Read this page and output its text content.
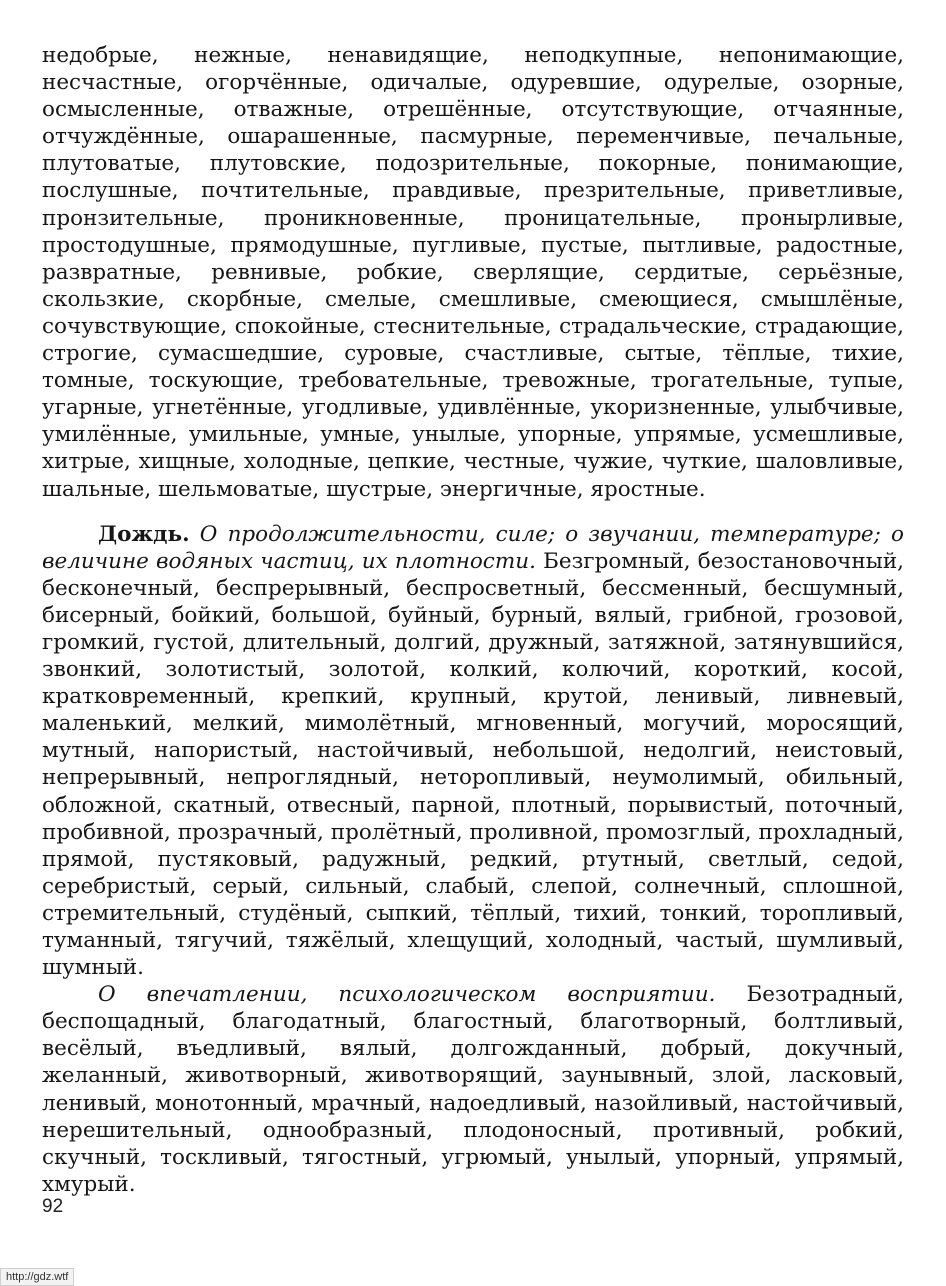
недобрые, нежные, ненавидящие, неподкупные, непонимающие, несчастные, огорчённые, одичалые, одуревшие, одурелые, озорные, осмысленные, отважные, отрешённые, отсутствующие, отчаянные, отчуждённые, ошарашенные, пасмурные, переменчивые, печальные, плутоватые, плутовские, подозрительные, покорные, понимающие, послушные, почтительные, правдивые, презрительные, приветливые, пронзительные, проникновенные, проницательные, пронырливые, простодушные, прямодушные, пугливые, пустые, пытливые, радостные, развратные, ревнивые, робкие, сверлящие, сердитые, серьёзные, скользкие, скорбные, смелые, смешливые, смеющиеся, смышлёные, сочувствующие, спокойные, стеснительные, страдальческие, страдающие, строгие, сумасшедшие, суровые, счастливые, сытые, тёплые, тихие, томные, тоскующие, требовательные, тревожные, трогательные, тупые, угарные, угнетённые, угодливые, удивлённые, укоризненные, улыбчивые, умилённые, умильные, умные, унылые, упорные, упрямые, усмешливые, хитрые, хищные, холодные, цепкие, честные, чужие, чуткие, шаловливые, шальные, шельмоватые, шустрые, энергичные, яростные.

Дождь. О продолжительности, силе; о звучании, температуре; о величине водяных частиц, их плотности. Безгромный, безостановочный, бесконечный, беспрерывный, беспросветный, бессменный, бесшумный, бисерный, бойкий, большой, буйный, бурный, вялый, грибной, грозовой, громкий, густой, длительный, долгий, дружный, затяжной, затянувшийся, звонкий, золотистый, золотой, колкий, колючий, короткий, косой, кратковременный, крепкий, крупный, крутой, ленивый, ливневый, маленький, мелкий, мимолётный, мгновенный, могучий, моросящий, мутный, напористый, настойчивый, небольшой, недолгий, неистовый, непрерывный, непроглядный, неторопливый, неумолимый, обильный, обложной, скатный, отвесный, парной, плотный, порывистый, поточный, пробивной, прозрачный, пролётный, проливной, промозглый, прохладный, прямой, пустяковый, радужный, редкий, ртутный, светлый, седой, серебристый, серый, сильный, слабый, слепой, солнечный, сплошной, стремительный, студёный, сыпкий, тёплый, тихий, тонкий, торопливый, туманный, тягучий, тяжёлый, хлещущий, холодный, частый, шумливый, шумный.

О впечатлении, психологическом восприятии. Безотрадный, беспощадный, благодатный, благостный, благотворный, болтливый, весёлый, въедливый, вялый, долгожданный, добрый, докучный, желанный, животворный, животворящий, заунывный, злой, ласковый, ленивый, монотонный, мрачный, надоедливый, назойливый, настойчивый, нерешительный, однообразный, плодоносный, противный, робкий, скучный, тоскливый, тягостный, угрюмый, унылый, упорный, упрямый, хмурый.

92
http://gdz.wtf
